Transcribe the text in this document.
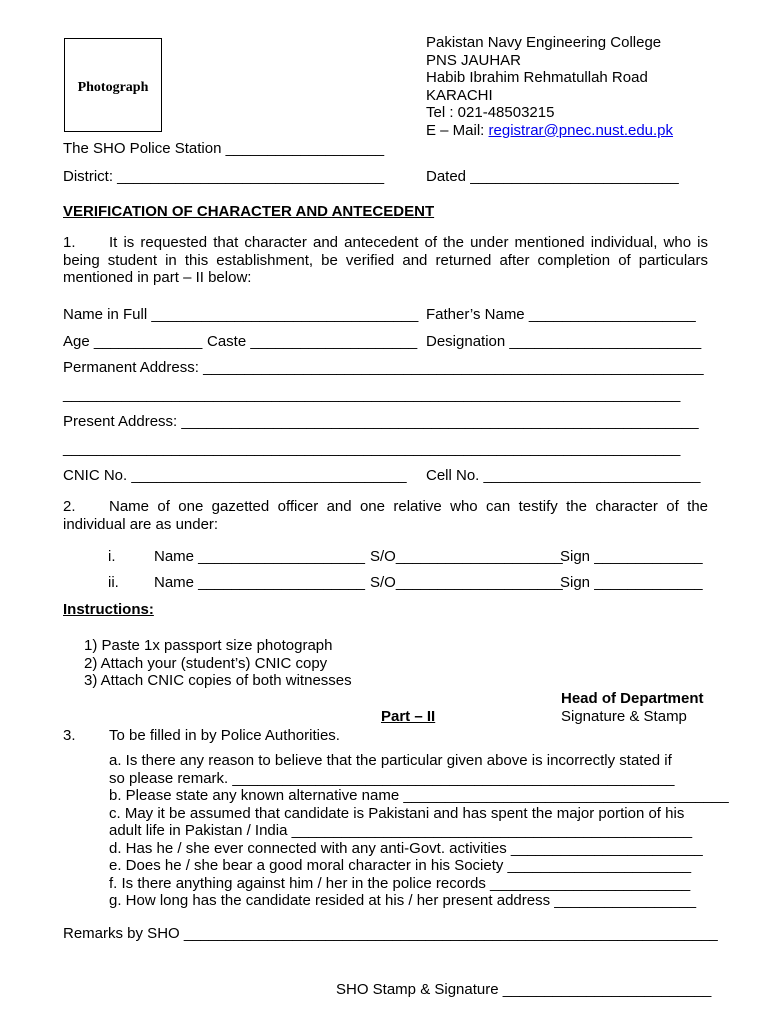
Photograph
Pakistan Navy Engineering College
PNS JAUHAR
Habib Ibrahim Rehmatullah Road
KARACHI
Tel : 021-48503215
E – Mail: registrar@pnec.nust.edu.pk
The SHO Police Station ___________________
District: ________________________________	Dated _________________________
VERIFICATION OF CHARACTER AND ANTECEDENT
1. It is requested that character and antecedent of the under mentioned individual, who is being student in this establishment, be verified and returned after completion of particulars mentioned in part – II below:
Name in Full ________________________________ Father’s Name ____________________
Age _____________ Caste ____________________ Designation _______________________
Permanent Address: ____________________________________________________________
__________________________________________________________________________
Present Address: ______________________________________________________________
__________________________________________________________________________
CNIC No. _________________________________ Cell No. __________________________
2. Name of one gazetted officer and one relative who can testify the character of the individual are as under:
i.	Name ____________________ S/O____________________
Sign _____________
ii. Name ____________________ S/O____________________
Sign _____________
Instructions:
1) Paste 1x passport size photograph
2) Attach your (student’s) CNIC copy
3) Attach CNIC copies of both witnesses
Head of Department
Signature & Stamp
Part – II
3. To be filled in by Police Authorities.
a. Is there any reason to believe that the particular given above is incorrectly stated if
so please remark. _____________________________________________________
b. Please state any known alternative name _______________________________________
c. May it be assumed that candidate is Pakistani and has spent the major portion of his
adult life in Pakistan / India ________________________________________________
d. Has he / she ever connected with any anti-Govt. activities _______________________
e. Does he / she bear a good moral character in his Society ______________________
f. Is there anything against him / her in the police records ________________________
g. How long has the candidate resided at his / her present address _________________
Remarks by SHO ________________________________________________________________
SHO Stamp & Signature _________________________
